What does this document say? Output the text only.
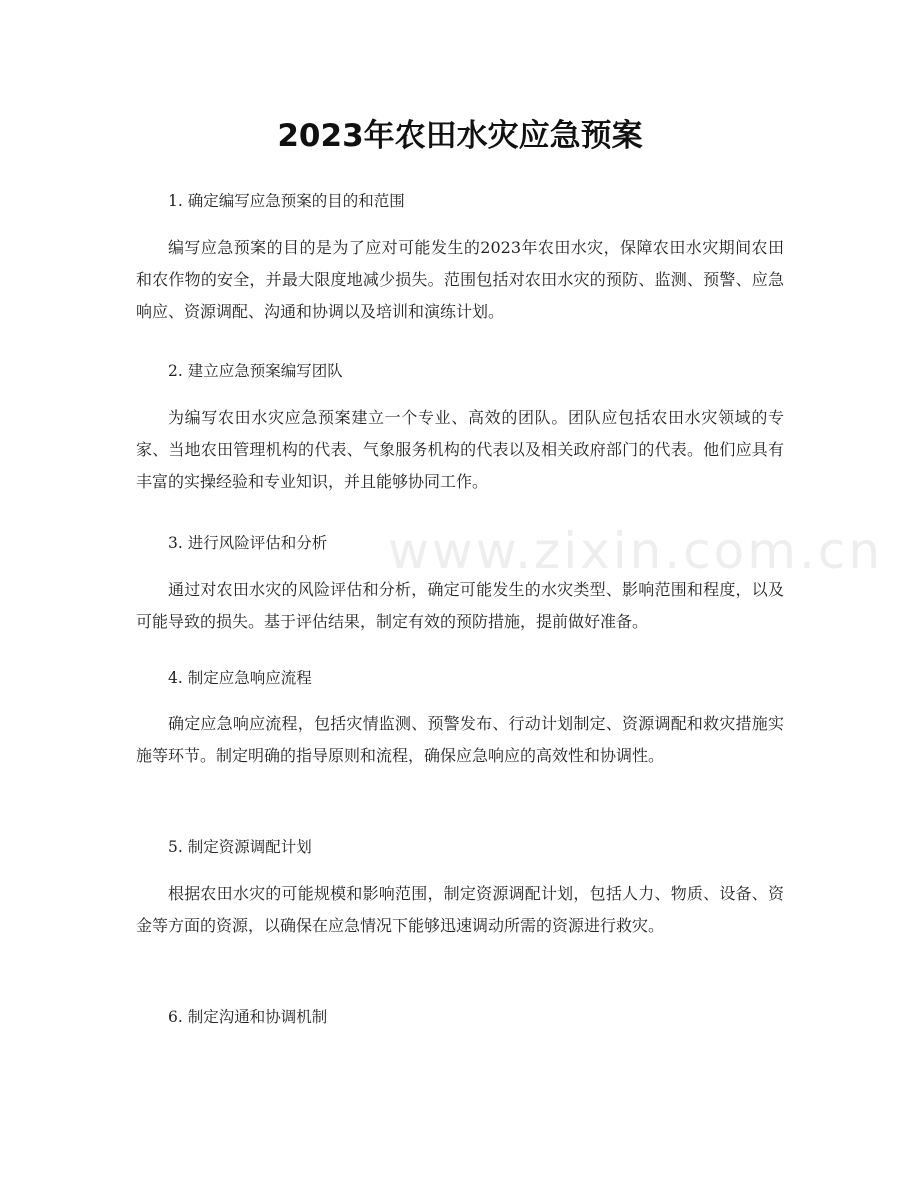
www.zixin.com.cn
2023年农田水灾应急预案

1. 确定编写应急预案的目的和范围

编写应急预案的目的是为了应对可能发生的2023年农田水灾，保障农田水灾期间农田和农作物的安全，并最大限度地减少损失。范围包括对农田水灾的预防、监测、预警、应急响应、资源调配、沟通和协调以及培训和演练计划。

2. 建立应急预案编写团队

为编写农田水灾应急预案建立一个专业、高效的团队。团队应包括农田水灾领域的专家、当地农田管理机构的代表、气象服务机构的代表以及相关政府部门的代表。他们应具有丰富的实操经验和专业知识，并且能够协同工作。

3. 进行风险评估和分析

通过对农田水灾的风险评估和分析，确定可能发生的水灾类型、影响范围和程度，以及可能导致的损失。基于评估结果，制定有效的预防措施，提前做好准备。

4. 制定应急响应流程

确定应急响应流程，包括灾情监测、预警发布、行动计划制定、资源调配和救灾措施实施等环节。制定明确的指导原则和流程，确保应急响应的高效性和协调性。

5. 制定资源调配计划

根据农田水灾的可能规模和影响范围，制定资源调配计划，包括人力、物质、设备、资金等方面的资源，以确保在应急情况下能够迅速调动所需的资源进行救灾。

6. 制定沟通和协调机制
